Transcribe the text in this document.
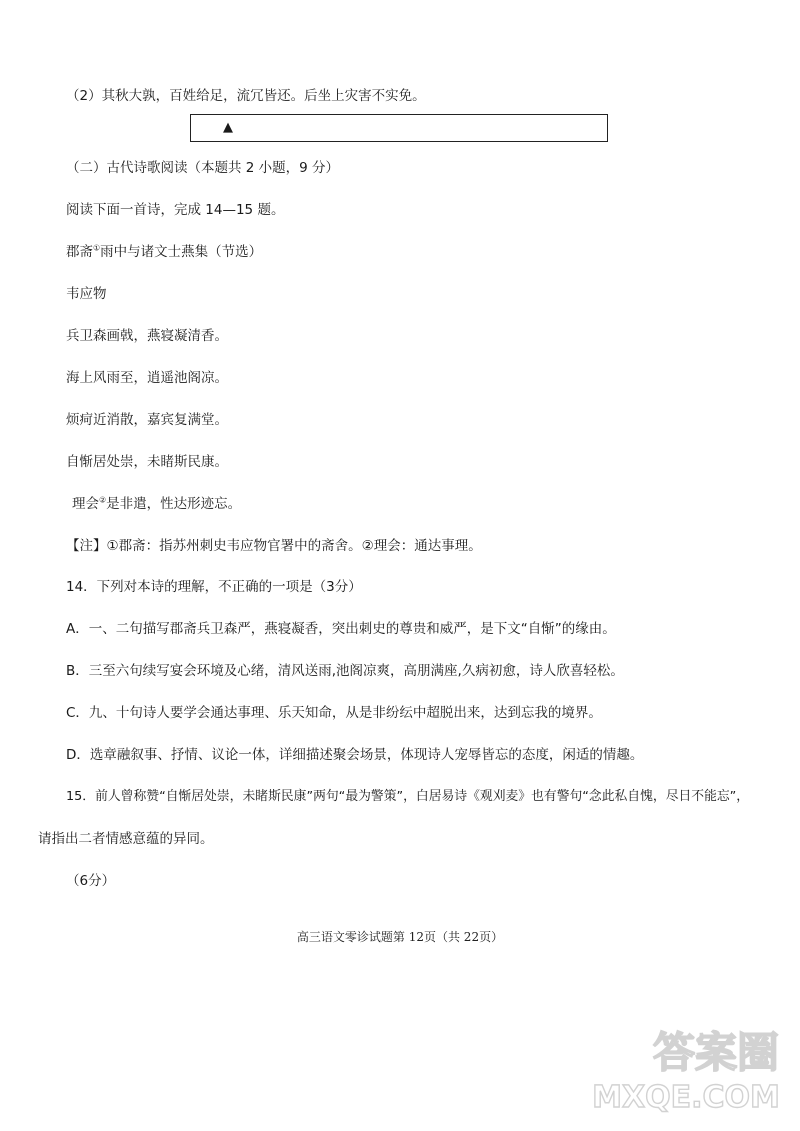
（2）其秋大孰，百姓给足，流冗皆还。后坐上灾害不实免。
▲
（二）古代诗歌阅读（本题共 2 小题，9 分）
阅读下面一首诗，完成 14—15 题。
郡斋①雨中与诸文士燕集（节选）
韦应物
兵卫森画戟，燕寝凝清香。
海上风雨至，逍遥池阁凉。
烦疴近消散，嘉宾复满堂。
自惭居处崇，未睹斯民康。
理会②是非遣，性达形迹忘。
【注】①郡斋：指苏州刺史韦应物官署中的斋舍。②理会：通达事理。
14．下列对本诗的理解，不正确的一项是（3分）
A．一、二句描写郡斋兵卫森严，燕寝凝香，突出刺史的尊贵和威严，是下文“自惭”的缘由。
B．三至六句续写宴会环境及心绪，清风送雨,池阁凉爽，高朋满座,久病初愈，诗人欣喜轻松。
C．九、十句诗人要学会通达事理、乐天知命，从是非纷纭中超脱出来，达到忘我的境界。
D．选章融叙事、抒情、议论一体，详细描述聚会场景，体现诗人宠辱皆忘的态度，闲适的情趣。
15．前人曾称赞“自惭居处崇，未睹斯民康”两句“最为警策”，白居易诗《观刈麦》也有警句“念此私自愧，尽日不能忘”，
请指出二者情感意蕴的异同。
（6分）
高三语文零诊试题第 12页（共 22页）
答案圈
MXQE.COM
